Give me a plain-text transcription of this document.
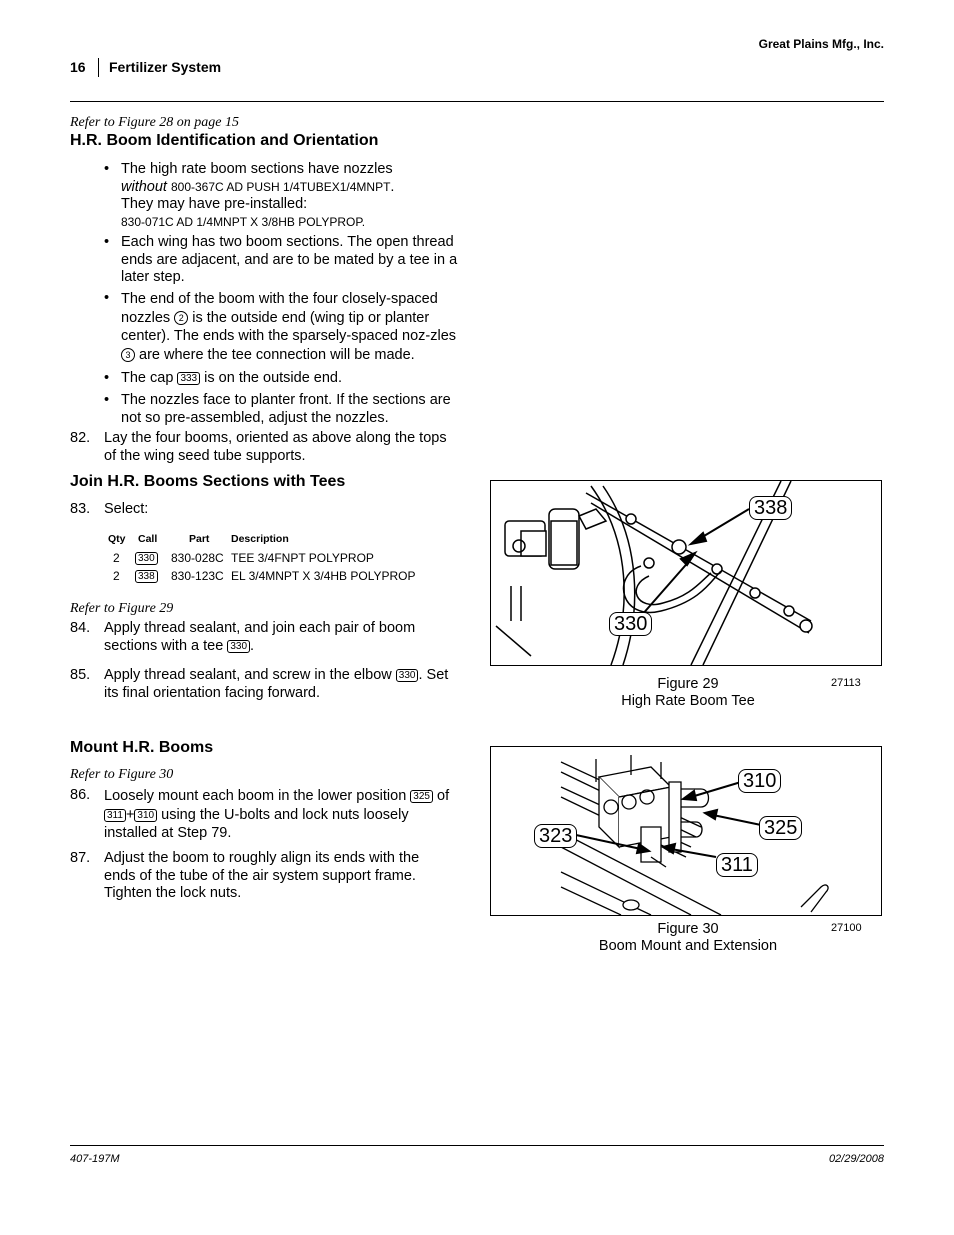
Great Plains Mfg., Inc.
16 Fertilizer System
Refer to Figure 28 on page 15
H.R. Boom Identification and Orientation
• The high rate boom sections have nozzles
without 800-367C AD PUSH 1/4TUBEX1/4MNPT.
They may have pre-installed:
830-071C AD 1/4MNPT X 3/8HB POLYPROP.
• Each wing has two boom sections. The open thread ends are adjacent, and are to be mated by a tee in a later step.
• The end of the boom with the four closely-spaced nozzles 2 is the outside end (wing tip or planter center). The ends with the sparsely-spaced noz-zles 3 are where the tee connection will be made.
• The cap 333 is on the outside end.
• The nozzles face to planter front. If the sections are not so pre-assembled, adjust the nozzles.
82. Lay the four booms, oriented as above along the tops of the wing seed tube supports.
Join H.R. Booms Sections with Tees
83. Select:
Qty Call	Part Description
2	330 830-028C TEE 3/4FNPT POLYPROP
2	338 830-123C EL 3/4MNPT X 3/4HB POLYPROP
Refer to Figure 29
84. Apply thread sealant, and join each pair of boom sections with a tee 330 .
85. Apply thread sealant, and screw in the elbow 330 . Set its final orientation facing forward.
Mount H.R. Booms
Refer to Figure 30
86. Loosely mount each boom in the lower position 325 of 311 + 310 using the U-bolts and lock nuts loosely installed at Step 79.
87. Adjust the boom to roughly align its ends with the ends of the tube of the air system support frame. Tighten the lock nuts.
338
330
Figure 29
High Rate Boom Tee
27113
310
325
323
311
Figure 30
Boom Mount and Extension
27100
407-197M	02/29/2008
